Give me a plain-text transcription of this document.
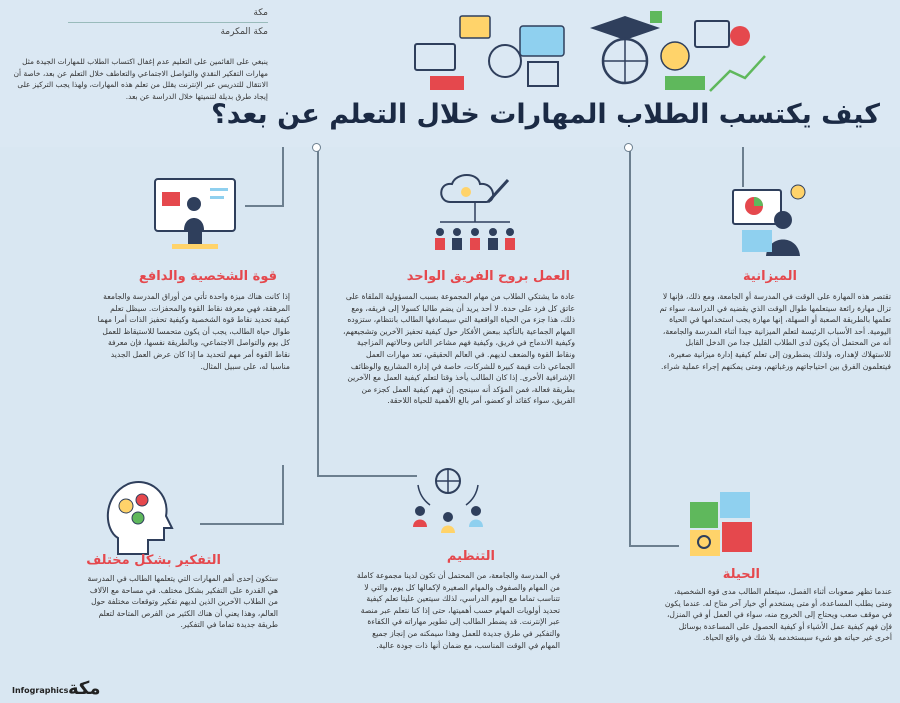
مكة
مكة المكرمة
ينبغي على القائمين على التعليم عدم إغفال اكتساب الطلاب للمهارات الجيدة مثل مهارات التفكير النقدي والتواصل الاجتماعي والتعاطف خلال التعلم عن بعد، خاصة أن الانتقال للتدريس عبر الإنترنت يقلل من تعلم هذه المهارات، ولهذا يجب التركيز على إيجاد طرق بديلة لتنميتها خلال الدراسة عن بعد.
كيف يكتسب الطلاب المهارات خلال التعلم عن بعد؟
الميزانية
العمل بروح الفريق الواحد
قوة الشخصية والدافع
الحيلة
التنظيم
التفكير بشكل مختلف
تقتصر هذه المهارة على الوقت في المدرسة أو الجامعة، ومع ذلك، فإنها لا تزال مهارة رائعة سيتعلمها طوال الوقت الذي يقضيه في الدراسة، سواء تم تعلمها بالطريقة الصعبة أو السهلة، إنها مهارة يجب استخدامها في الحياة اليومية. أحد الأسباب الرئيسة لتعلم الميزانية جيدا أثناء المدرسة والجامعة، أنه من المحتمل أن يكون لدى الطلاب القليل جدا من الدخل القابل للاستهلاك لإهداره، ولذلك يضطرون إلى تعلم كيفية إدارة ميزانية صغيرة، فيتعلمون الفرق بين احتياجاتهم ورغباتهم، ومتى يمكنهم إجراء عملية شراء.
عادة ما يشتكي الطلاب من مهام المجموعة بسبب المسؤولية الملقاة على عاتق كل فرد على حدة. لا أحد يريد أن يضم طالبا كسولا إلى فريقه، ومع ذلك، هذا جزء من الحياة الواقعية التي سيصادفها الطالب بانتظام، ستزوده المهام الجماعية بالتأكيد ببعض الأفكار حول كيفية تحفيز الآخرين وتشجيعهم، وكيفية الاندماج في فريق، وكيفية فهم مشاعر الناس وحالاتهم المزاجية ونقاط القوة والضعف لديهم. في العالم الحقيقي، تعد مهارات العمل الجماعي ذات قيمة كبيرة للشركات، خاصة في إدارة المشاريع والوظائف الإشرافية الأخرى. إذا كان الطالب يأخذ وقتا لتعلم كيفية العمل مع الآخرين بطريقة فعالة، فمن المؤكد أنه سينجح، إن فهم كيفية العمل كجزء من الفريق، سواء كقائد أو كعضو، أمر بالغ الأهمية للحياة اللاحقة.
إذا كانت هناك ميزة واحدة تأتي من أوراق المدرسة والجامعة المرهقة، فهي معرفة نقاط القوة والمحفزات. سيظل تعلم كيفية تحديد نقاط قوة الشخصية وكيفية تحفيز الذات أمرا مهما طوال حياة الطالب، يجب أن يكون متحمسا للاستيقاظ للعمل كل يوم والتواصل الاجتماعي، وبالطريقة نفسها، فإن معرفة نقاط القوة أمر مهم لتحديد ما إذا كان عرض العمل الجديد مناسبا له، على سبيل المثال.
عندما تظهر صعوبات أثناء الفصل، سيتعلم الطالب مدى قوة الشخصية، ومتى يطلب المساعدة، أو متى يستخدم أي خيار آخر متاح له. عندما يكون في موقف صعب ويحتاج إلى الخروج منه، سواء في العمل أو في المنزل، فإن فهم كيفية عمل الأشياء أو كيفية الحصول على المساعدة بوسائل أخرى غير حياته هو شيء سيستخدمه بلا شك في واقع الحياة.
في المدرسة والجامعة، من المحتمل أن تكون لدينا مجموعة كاملة من المهام والصفوف والمهام الصغيرة لإكمالها كل يوم، والتي لا تتناسب تماما مع اليوم الدراسي، لذلك سيتعين علينا تعلم كيفية تحديد أولويات المهام حسب أهميتها، حتى إذا كنا نتعلم عبر منصة عبر الإنترنت. قد يضطر الطالب إلى تطوير مهاراته في الكفاءة والتفكير في طرق جديدة للعمل وهذا سيمكنه من إنجاز جميع المهام في الوقت المناسب، مع ضمان أنها ذات جودة عالية.
ستكون إحدى أهم المهارات التي يتعلمها الطالب في المدرسة هي القدرة على التفكير بشكل مختلف. في مساحة مع الآلاف من الطلاب الآخرين الذين لديهم تفكير وتوقعات مختلفة حول العالم، وهذا يعني أن هناك الكثير من الفرص المتاحة لتعلم طريقة جديدة تماما في التفكير.
Infographics مكة
